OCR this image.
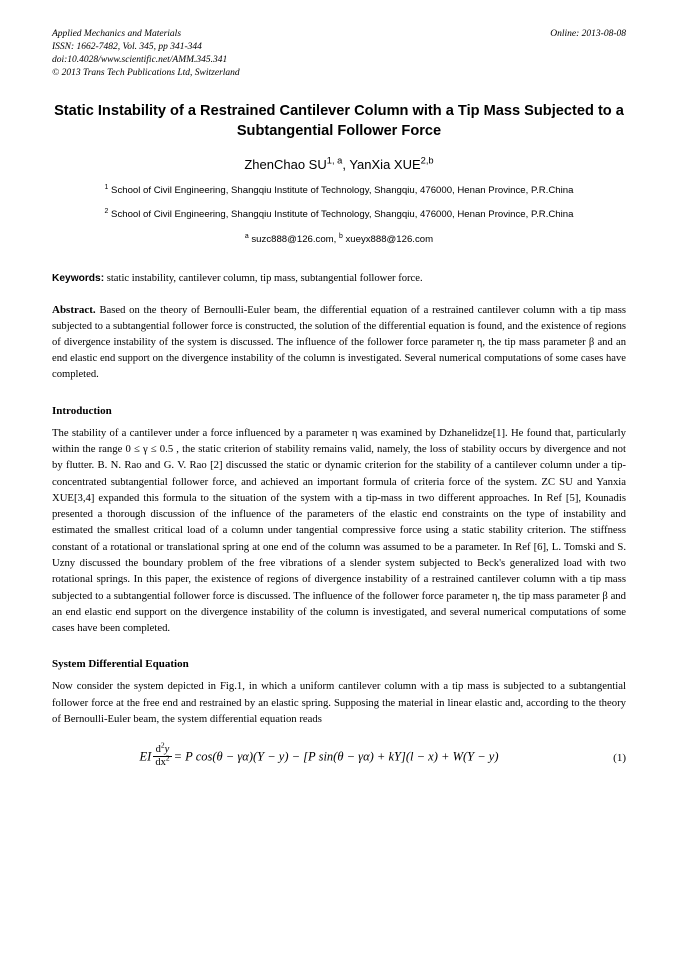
Applied Mechanics and Materials
ISSN: 1662-7482, Vol. 345, pp 341-344
doi:10.4028/www.scientific.net/AMM.345.341
© 2013 Trans Tech Publications Ltd, Switzerland
Online: 2013-08-08
Static Instability of a Restrained Cantilever Column with a Tip Mass Subjected to a Subtangential Follower Force
ZhenChao SU$^{1, a}$, YanXia XUE$^{2,b}$
$^1$ School of Civil Engineering, Shangqiu Institute of Technology, Shangqiu, 476000, Henan Province, P.R.China
$^2$ School of Civil Engineering, Shangqiu Institute of Technology, Shangqiu, 476000, Henan Province, P.R.China
$^a$ suzc888@126.com, $^b$ xueyx888@126.com
Keywords: static instability, cantilever column, tip mass, subtangential follower force.
Abstract. Based on the theory of Bernoulli-Euler beam, the differential equation of a restrained cantilever column with a tip mass subjected to a subtangential follower force is constructed, the solution of the differential equation is found, and the existence of regions of divergence instability of the system is discussed. The influence of the follower force parameter η, the tip mass parameter β and an end elastic end support on the divergence instability of the column is investigated. Several numerical computations of some cases have completed.
Introduction

The stability of a cantilever under a force influenced by a parameter η was examined by Dzhanelidze[1]. He found that, particularly within the range 0 ≤ γ ≤ 0.5 , the static criterion of stability remains valid, namely, the loss of stability occurs by divergence and not by flutter. B. N. Rao and G. V. Rao [2] discussed the static or dynamic criterion for the stability of a cantilever column under a tip-concentrated subtangential follower force, and achieved an important formula of criteria force of the system. ZC SU and Yanxia XUE[3,4] expanded this formula to the situation of the system with a tip-mass in two different approaches. In Ref [5], Kounadis presented a thorough discussion of the influence of the parameters of the elastic end constraints on the type of instability and estimated the smallest critical load of a column under tangential compressive force using a static stability criterion. The stiffness constant of a rotational or translational spring at one end of the column was assumed to be a parameter. In Ref [6], L. Tomski and S. Uzny discussed the boundary problem of the free vibrations of a slender system subjected to Beck's generalized load with two rotational springs. In this paper, the existence of regions of divergence instability of a restrained cantilever column with a tip mass subjected to a subtangential follower force is discussed. The influence of the follower force parameter η, the tip mass parameter β and an end elastic end support on the divergence instability of the column is investigated, and several numerical computations of some cases have been completed.

System Differential Equation

Now consider the system depicted in Fig.1, in which a uniform cantilever column with a tip mass is subjected to a subtangential follower force at the free end and restrained by an elastic spring. Supposing the material in linear elastic and, according to the theory of Bernoulli-Euler beam, the system differential equation reads

EI $\frac{d^2y}{dx^2} = P$ cos(θ − γα)(Y − y) − [P sin(θ − γα) + kY](l − x) + W(Y − y)	(1)
